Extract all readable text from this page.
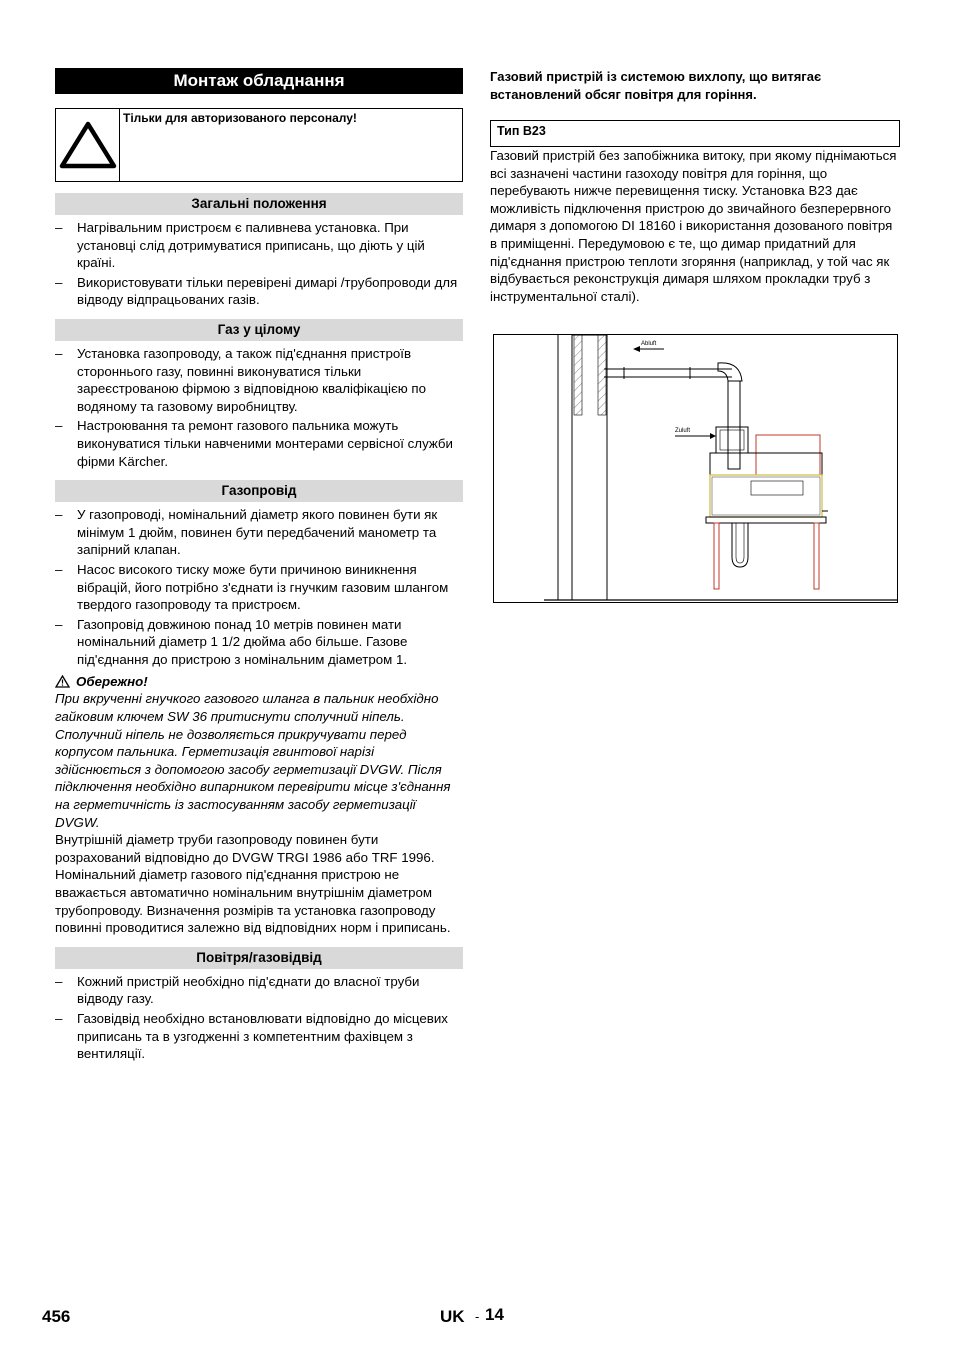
Монтаж обладнання
Тільки для авторизованого персоналу!
Загальні положення
– Нагрівальним пристроєм є паливнева установка. При установці слід дотримуватися приписань, що діють у цій країні.
– Використовувати тільки перевірені димарі /трубопроводи для відводу відпрацьованих газів.
Газ у цілому
– Установка газопроводу, а також під'єднання пристроїв стороннього газу, повинні виконуватися тільки зареєстрованою фірмою з відповідною кваліфікацією по водяному та газовому виробництву.
– Настроювання та ремонт газового пальника можуть виконуватися тільки навченими монтерами сервісної служби фірми Kärcher.
Газопровід
– У газопроводі, номінальний діаметр якого повинен бути як мінімум 1 дюйм, повинен бути передбачений манометр та запірний клапан.
– Насос високого тиску може бути причиною виникнення вібрацій, його потрібно з'єднати із гнучким газовим шлангом твердого газопроводу та пристроєм.
– Газопровід довжиною понад 10 метрів повинен мати номінальний діаметр 1 1/2 дюйма або більше. Газове під'єднання до пристрою з номінальним діаметром 1.
Обережно!

При вкрученні гнучкого газового шланга в пальник необхідно гайковим ключем SW 36 притиснути сполучний ніпель. Сполучний ніпель не дозволяється прикручувати перед корпусом пальника. Герметизація гвинтової нарізі здійснюється з допомогою засобу герметизації DVGW. Після підключення необхідно випарником перевірити місце з'єднання на герметичність із застосуванням засобу герметизації DVGW.

Внутрішній діаметр труби газопроводу повинен бути розрахований відповідно до DVGW TRGI 1986 або TRF 1996. Номінальний діаметр газового під'єднання пристрою не вважається автоматично номінальним внутрішнім діаметром трубопроводу. Визначення розмірів та установка газопроводу повинні проводитися залежно від відповідних норм і приписань.

Повітря/газовідвід
– Кожний пристрій необхідно під'єднати до власної труби відводу газу.
– Газовідвід необхідно встановлювати відповідно до місцевих приписань та в узгодженні з компетентним фахівцем з вентиляції.

Газовий пристрій із системою вихлопу, що витягає встановлений обсяг повітря для горіння.

Тип B23

Газовий пристрій без запобіжника витоку, при якому піднімаються всі зазначені частини газоходу повітря для горіння, що перебувають нижче перевищення тиску. Установка B23 дає можливість підключення пристрою до звичайного безперервного димаря з допомогою DI 18160 і використання дозованого повітря в приміщенні. Передумовою є те, що димар придатний для під'єднання пристрою теплоти згоряння (наприклад, у той час як відбувається реконструкція димаря шляхом прокладки труб з інструментальної сталі).

Abluft
Zuluft
456	UK - 14
